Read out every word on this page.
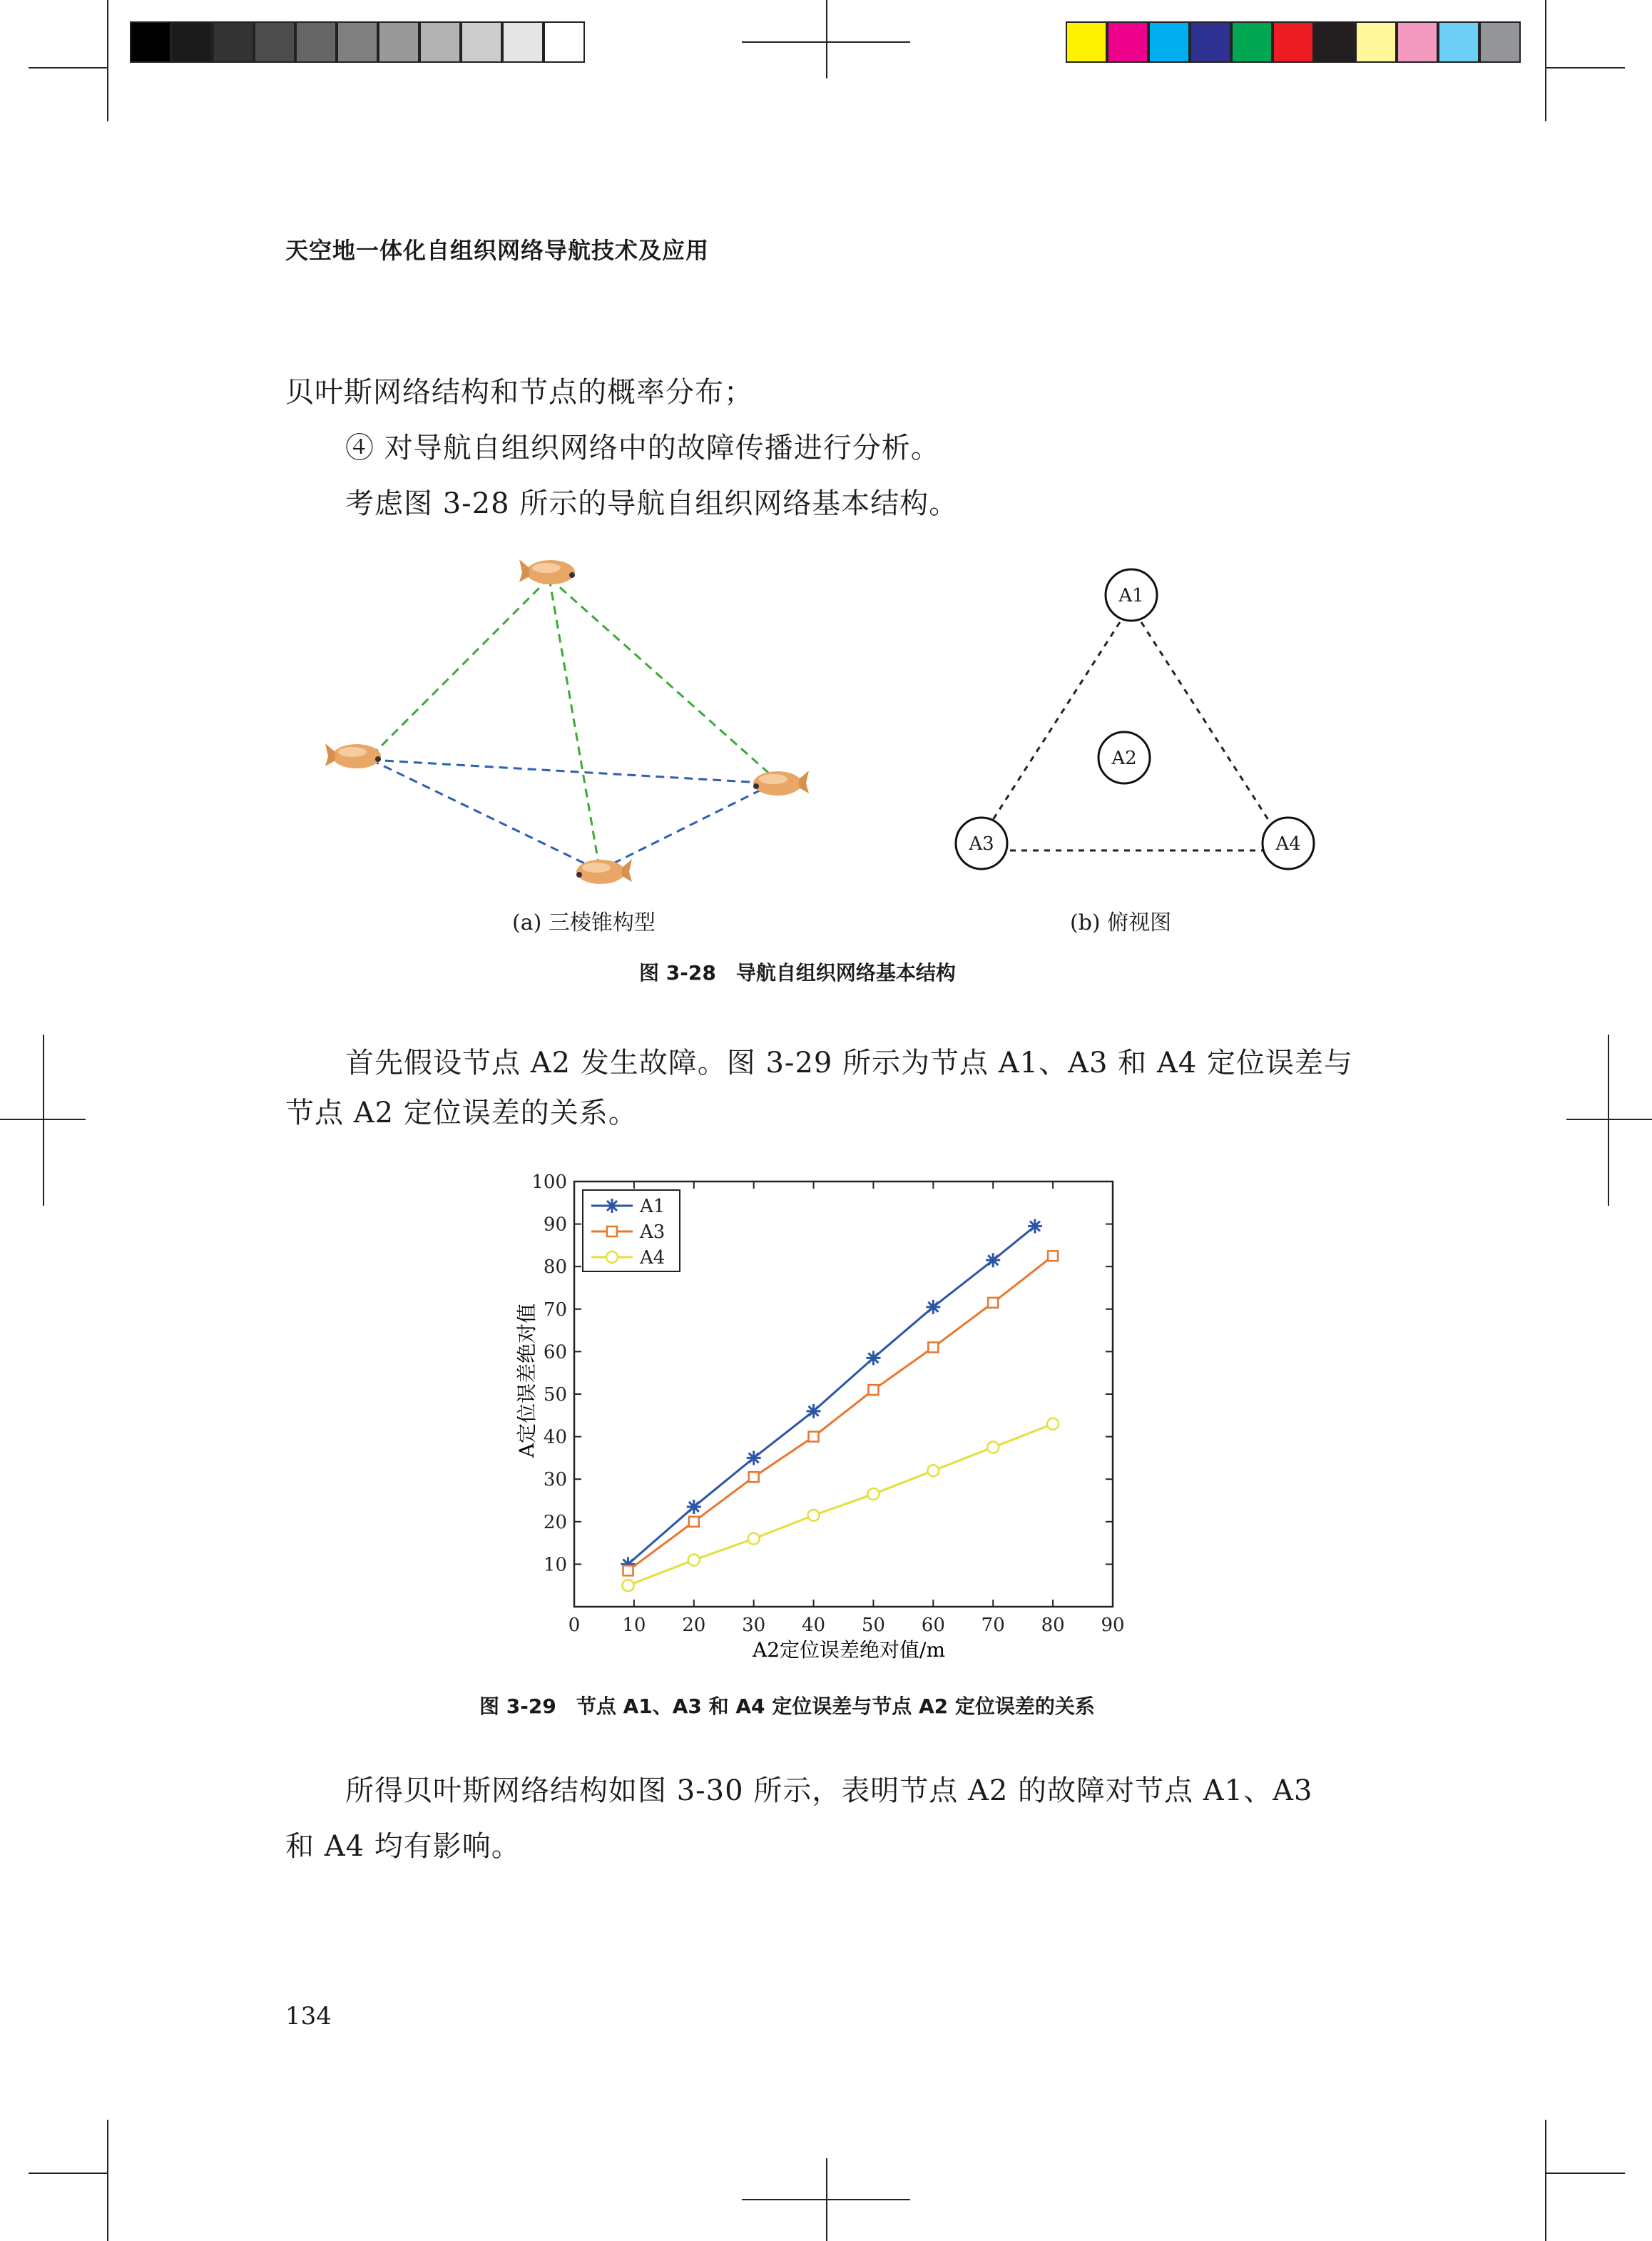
天空地一体化自组织网络导航技术及应用
贝叶斯网络结构和节点的概率分布；
④ 对导航自组织网络中的故障传播进行分析。
考虑图 3-28 所示的导航自组织网络基本结构。
A1
A2
A3	A4
(a) 三棱锥构型	(b) 俯视图
图 3-28　导航自组织网络基本结构
首先假设节点 A2 发生故障。图 3-29 所示为节点 A1、A3 和 A4 定位误差与
节点 A2 定位误差的关系。
A定位误差绝对值
A2定位误差绝对值/m
0 10 20 30 40 50 60 70 80 90
10
20
30
40
50
60
70
80
90
100
A1
A3
A4
图 3-29　节点 A1、A3 和 A4 定位误差与节点 A2 定位误差的关系
所得贝叶斯网络结构如图 3-30 所示，表明节点 A2 的故障对节点 A1、A3
和 A4 均有影响。
134
